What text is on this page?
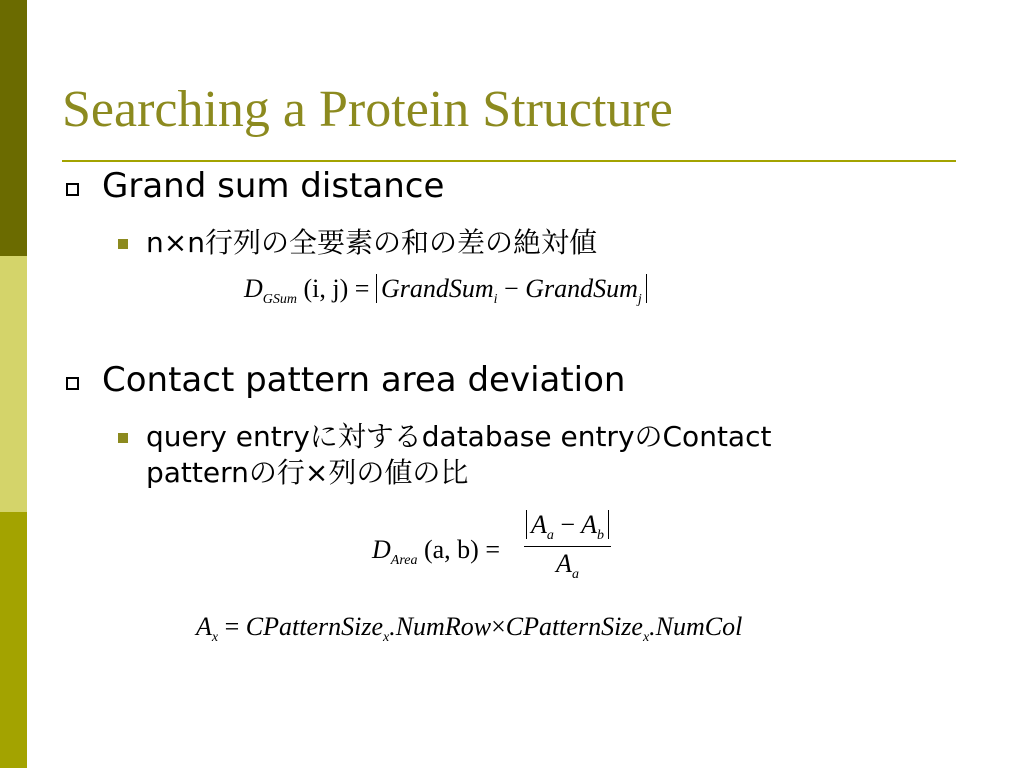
Searching a Protein Structure
Grand sum distance
n×n行列の全要素の和の差の絶対値
$D_{GSum}$ (i, j) = GrandSum$_i$ − GrandSum$_j$
Contact pattern area deviation
query entryに対するdatabase entryのContact
patternの行×列の値の比
$D_{Area}$ (a, $b) = \frac{A_a - A_b}{A_a}$
$A_x$ = CPatternSize$_x$.NumRow×CPatternSize$_x$.NumCol
